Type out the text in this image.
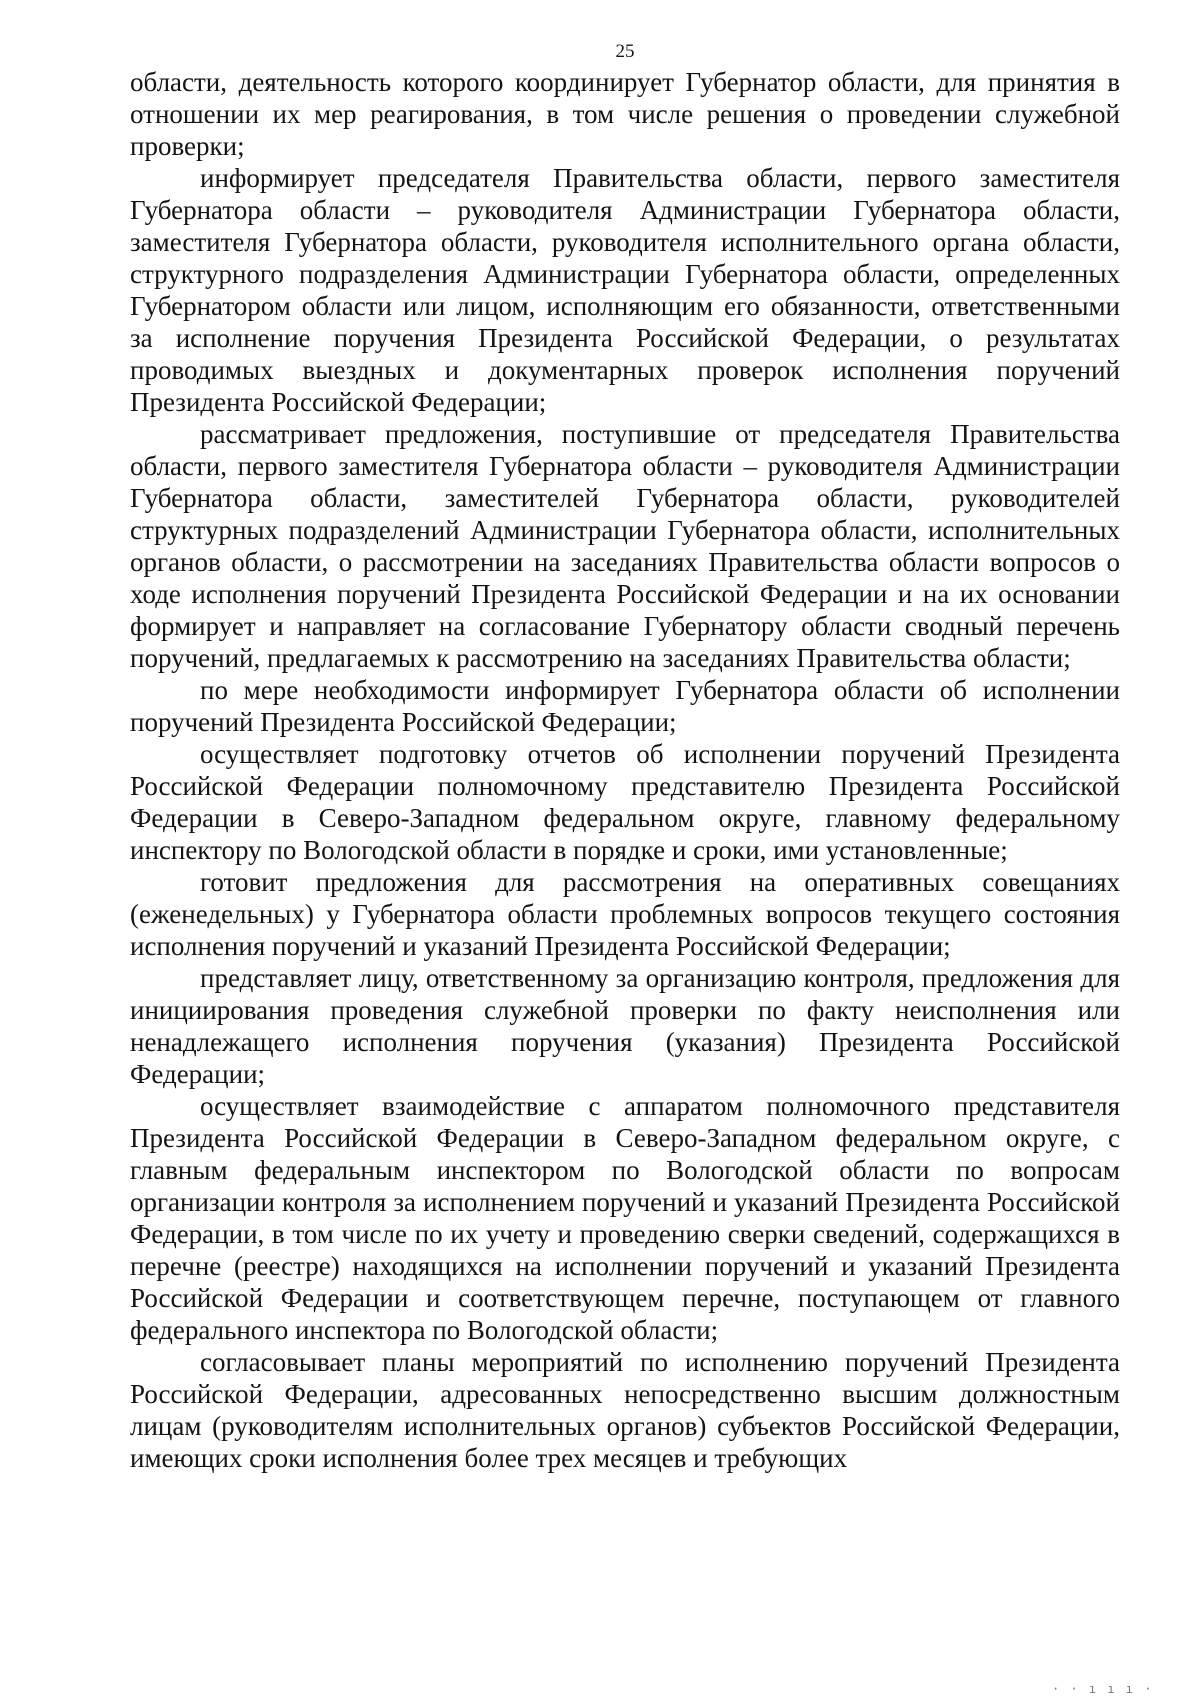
25

области, деятельность которого координирует Губернатор области, для принятия в отношении их мер реагирования, в том числе решения о проведении служебной проверки;

информирует председателя Правительства области, первого заместителя Губернатора области – руководителя Администрации Губернатора области, заместителя Губернатора области, руководителя исполнительного органа области, структурного подразделения Администрации Губернатора области, определенных Губернатором области или лицом, исполняющим его обязанности, ответственными за исполнение поручения Президента Российской Федерации, о результатах проводимых выездных и документарных проверок исполнения поручений Президента Российской Федерации;

рассматривает предложения, поступившие от председателя Правительства области, первого заместителя Губернатора области – руководителя Администрации Губернатора области, заместителей Губернатора области, руководителей структурных подразделений Администрации Губернатора области, исполнительных органов области, о рассмотрении на заседаниях Правительства области вопросов о ходе исполнения поручений Президента Российской Федерации и на их основании формирует и направляет на согласование Губернатору области сводный перечень поручений, предлагаемых к рассмотрению на заседаниях Правительства области;

по мере необходимости информирует Губернатора области об исполнении поручений Президента Российской Федерации;

осуществляет подготовку отчетов об исполнении поручений Президента Российской Федерации полномочному представителю Президента Российской Федерации в Северо-Западном федеральном округе, главному федеральному инспектору по Вологодской области в порядке и сроки, ими установленные;

готовит предложения для рассмотрения на оперативных совещаниях (еженедельных) у Губернатора области проблемных вопросов текущего состояния исполнения поручений и указаний Президента Российской Федерации;

представляет лицу, ответственному за организацию контроля, предложения для инициирования проведения служебной проверки по факту неисполнения или ненадлежащего исполнения поручения (указания) Президента Российской Федерации;

осуществляет взаимодействие с аппаратом полномочного представителя Президента Российской Федерации в Северо-Западном федеральном округе, с главным федеральным инспектором по Вологодской области по вопросам организации контроля за исполнением поручений и указаний Президента Российской Федерации, в том числе по их учету и проведению сверки сведений, содержащихся в перечне (реестре) находящихся на исполнении поручений и указаний Президента Российской Федерации и соответствующем перечне, поступающем от главного федерального инспектора по Вологодской области;

согласовывает планы мероприятий по исполнению поручений Президента Российской Федерации, адресованных непосредственно высшим должностным лицам (руководителям исполнительных органов) субъектов Российской Федерации, имеющих сроки исполнения более трех месяцев и требующих

· · ı ı ı ·
